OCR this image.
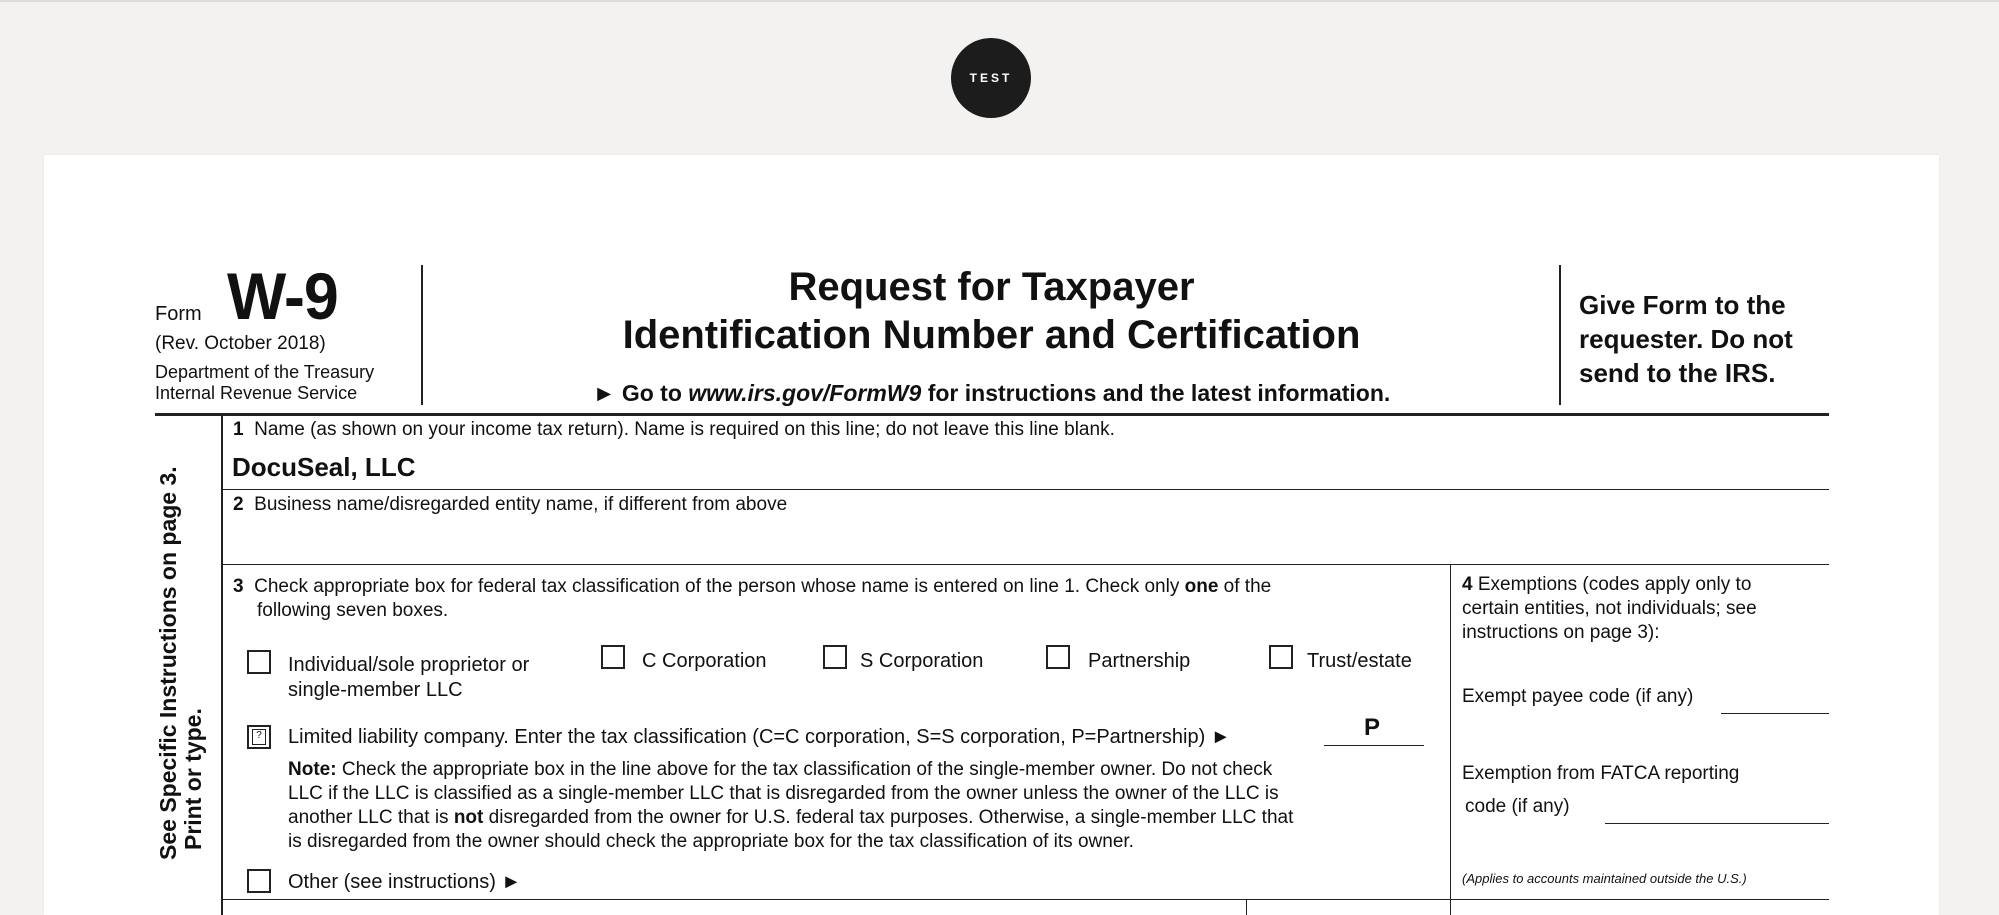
TEST
Form W-9
(Rev. October 2018)
Department of the Treasury
Internal Revenue Service
Request for Taxpayer
Identification Number and Certification
► Go to www.irs.gov/FormW9 for instructions and the latest information.
Give Form to the requester. Do not send to the IRS.
See Specific Instructions on page 3. Print or type.
1 Name (as shown on your income tax return). Name is required on this line; do not leave this line blank.
DocuSeal, LLC
2 Business name/disregarded entity name, if different from above
3 Check appropriate box for federal tax classification of the person whose name is entered on line 1. Check only one of the
following seven boxes.
Individual/sole proprietor or
single-member LLC
C Corporation	S Corporation	Partnership	Trust/estate
? Limited liability company. Enter the tax classification (C=C corporation, S=S corporation, P=Partnership) ►	P
Note: Check the appropriate box in the line above for the tax classification of the single-member owner. Do not check
LLC if the LLC is classified as a single-member LLC that is disregarded from the owner unless the owner of the LLC is
another LLC that is not disregarded from the owner for U.S. federal tax purposes. Otherwise, a single-member LLC that
is disregarded from the owner should check the appropriate box for the tax classification of its owner.
Other (see instructions) ►
4 Exemptions (codes apply only to
certain entities, not individuals; see
instructions on page 3):
Exempt payee code (if any)
Exemption from FATCA reporting
code (if any)
(Applies to accounts maintained outside the U.S.)
